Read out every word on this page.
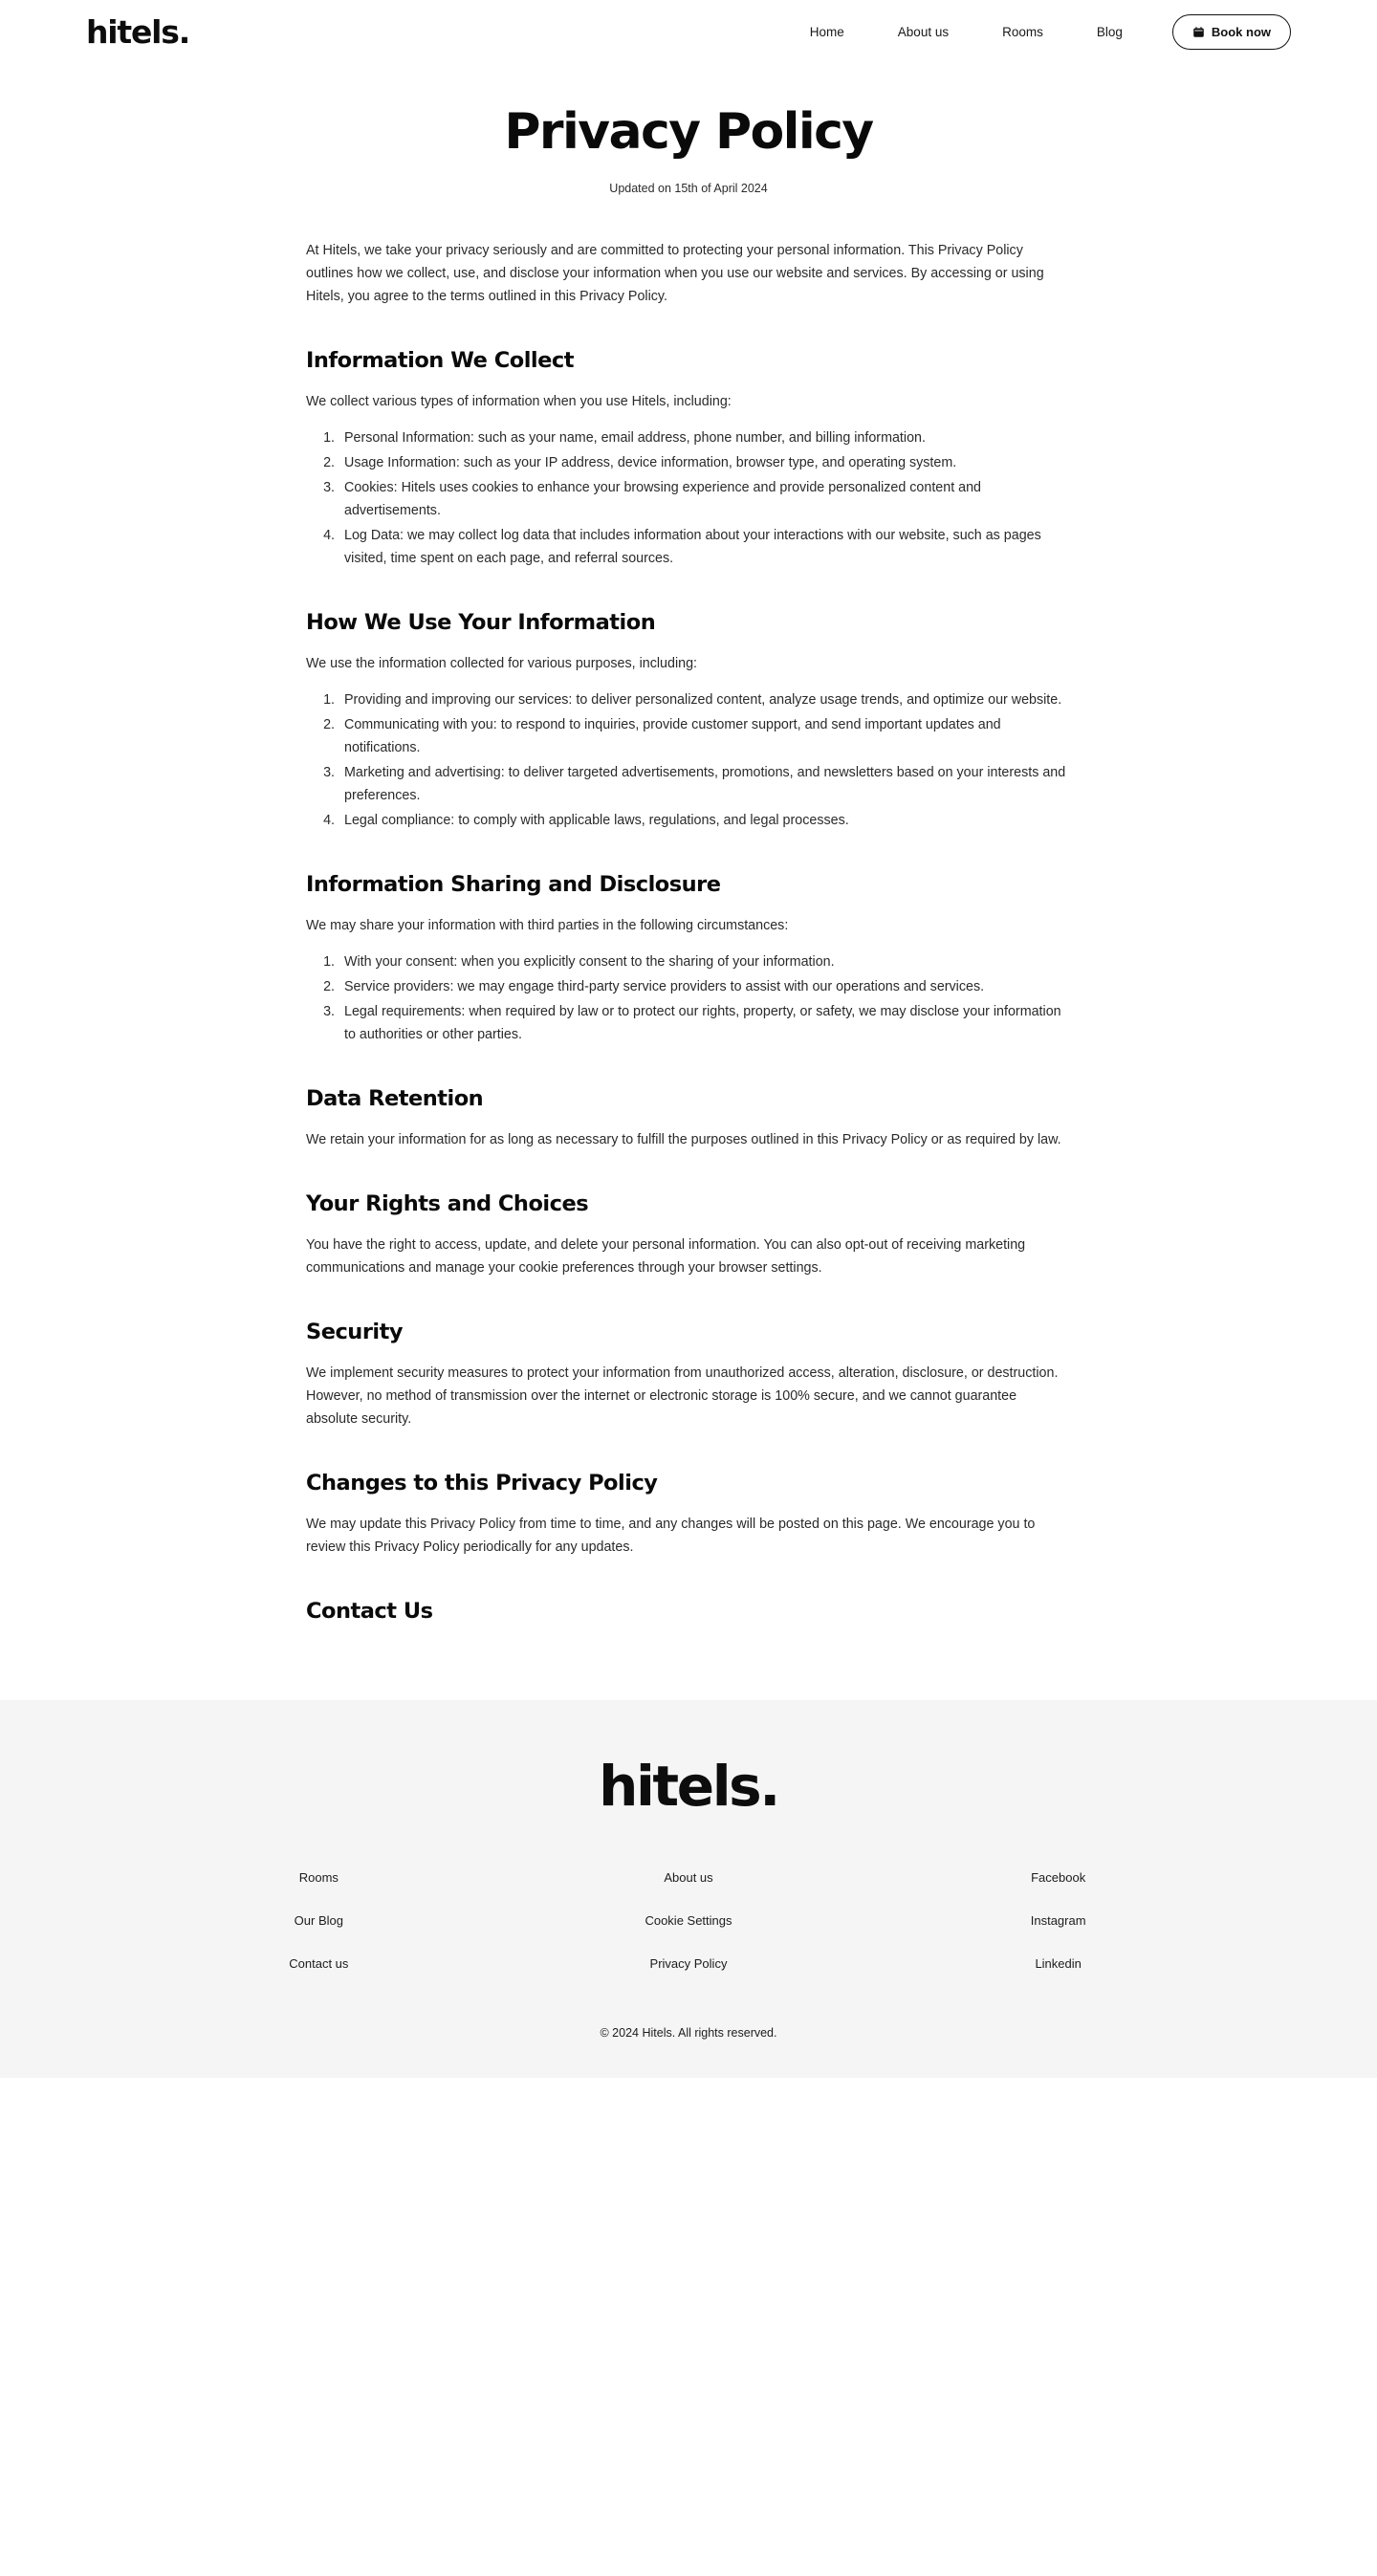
hitels.	Home	About us	Rooms	Blog	Book now
Privacy Policy
Updated on 15th of April 2024

At Hitels, we take your privacy seriously and are committed to protecting your personal information. This Privacy Policy outlines how we collect, use, and disclose your information when you use our website and services. By accessing or using Hitels, you agree to the terms outlined in this Privacy Policy.

Information We Collect

We collect various types of information when you use Hitels, including:

1. Personal Information: such as your name, email address, phone number, and billing information.
2. Usage Information: such as your IP address, device information, browser type, and operating system.
3. Cookies: Hitels uses cookies to enhance your browsing experience and provide personalized content and advertisements.
4. Log Data: we may collect log data that includes information about your interactions with our website, such as pages visited, time spent on each page, and referral sources.
How We Use Your Information

We use the information collected for various purposes, including:

1. Providing and improving our services: to deliver personalized content, analyze usage trends, and optimize our website.
2. Communicating with you: to respond to inquiries, provide customer support, and send important updates and notifications.
3. Marketing and advertising: to deliver targeted advertisements, promotions, and newsletters based on your interests and preferences.
4. Legal compliance: to comply with applicable laws, regulations, and legal processes.
Information Sharing and Disclosure

We may share your information with third parties in the following circumstances:

1. With your consent: when you explicitly consent to the sharing of your information.
2. Service providers: we may engage third-party service providers to assist with our operations and services.
3. Legal requirements: when required by law or to protect our rights, property, or safety, we may disclose your information to authorities or other parties.
Data Retention

We retain your information for as long as necessary to fulfill the purposes outlined in this Privacy Policy or as required by law.

Your Rights and Choices

You have the right to access, update, and delete your personal information. You can also opt-out of receiving marketing communications and manage your cookie preferences through your browser settings.

Security

We implement security measures to protect your information from unauthorized access, alteration, disclosure, or destruction. However, no method of transmission over the internet or electronic storage is 100% secure, and we cannot guarantee absolute security.

Changes to this Privacy Policy

We may update this Privacy Policy from time to time, and any changes will be posted on this page. We encourage you to review this Privacy Policy periodically for any updates.

Contact Us
hitels.
Rooms
Our Blog
Contact us
About us
Cookie Settings
Privacy Policy
Facebook
Instagram
Linkedin
© 2024 Hitels. All rights reserved.
